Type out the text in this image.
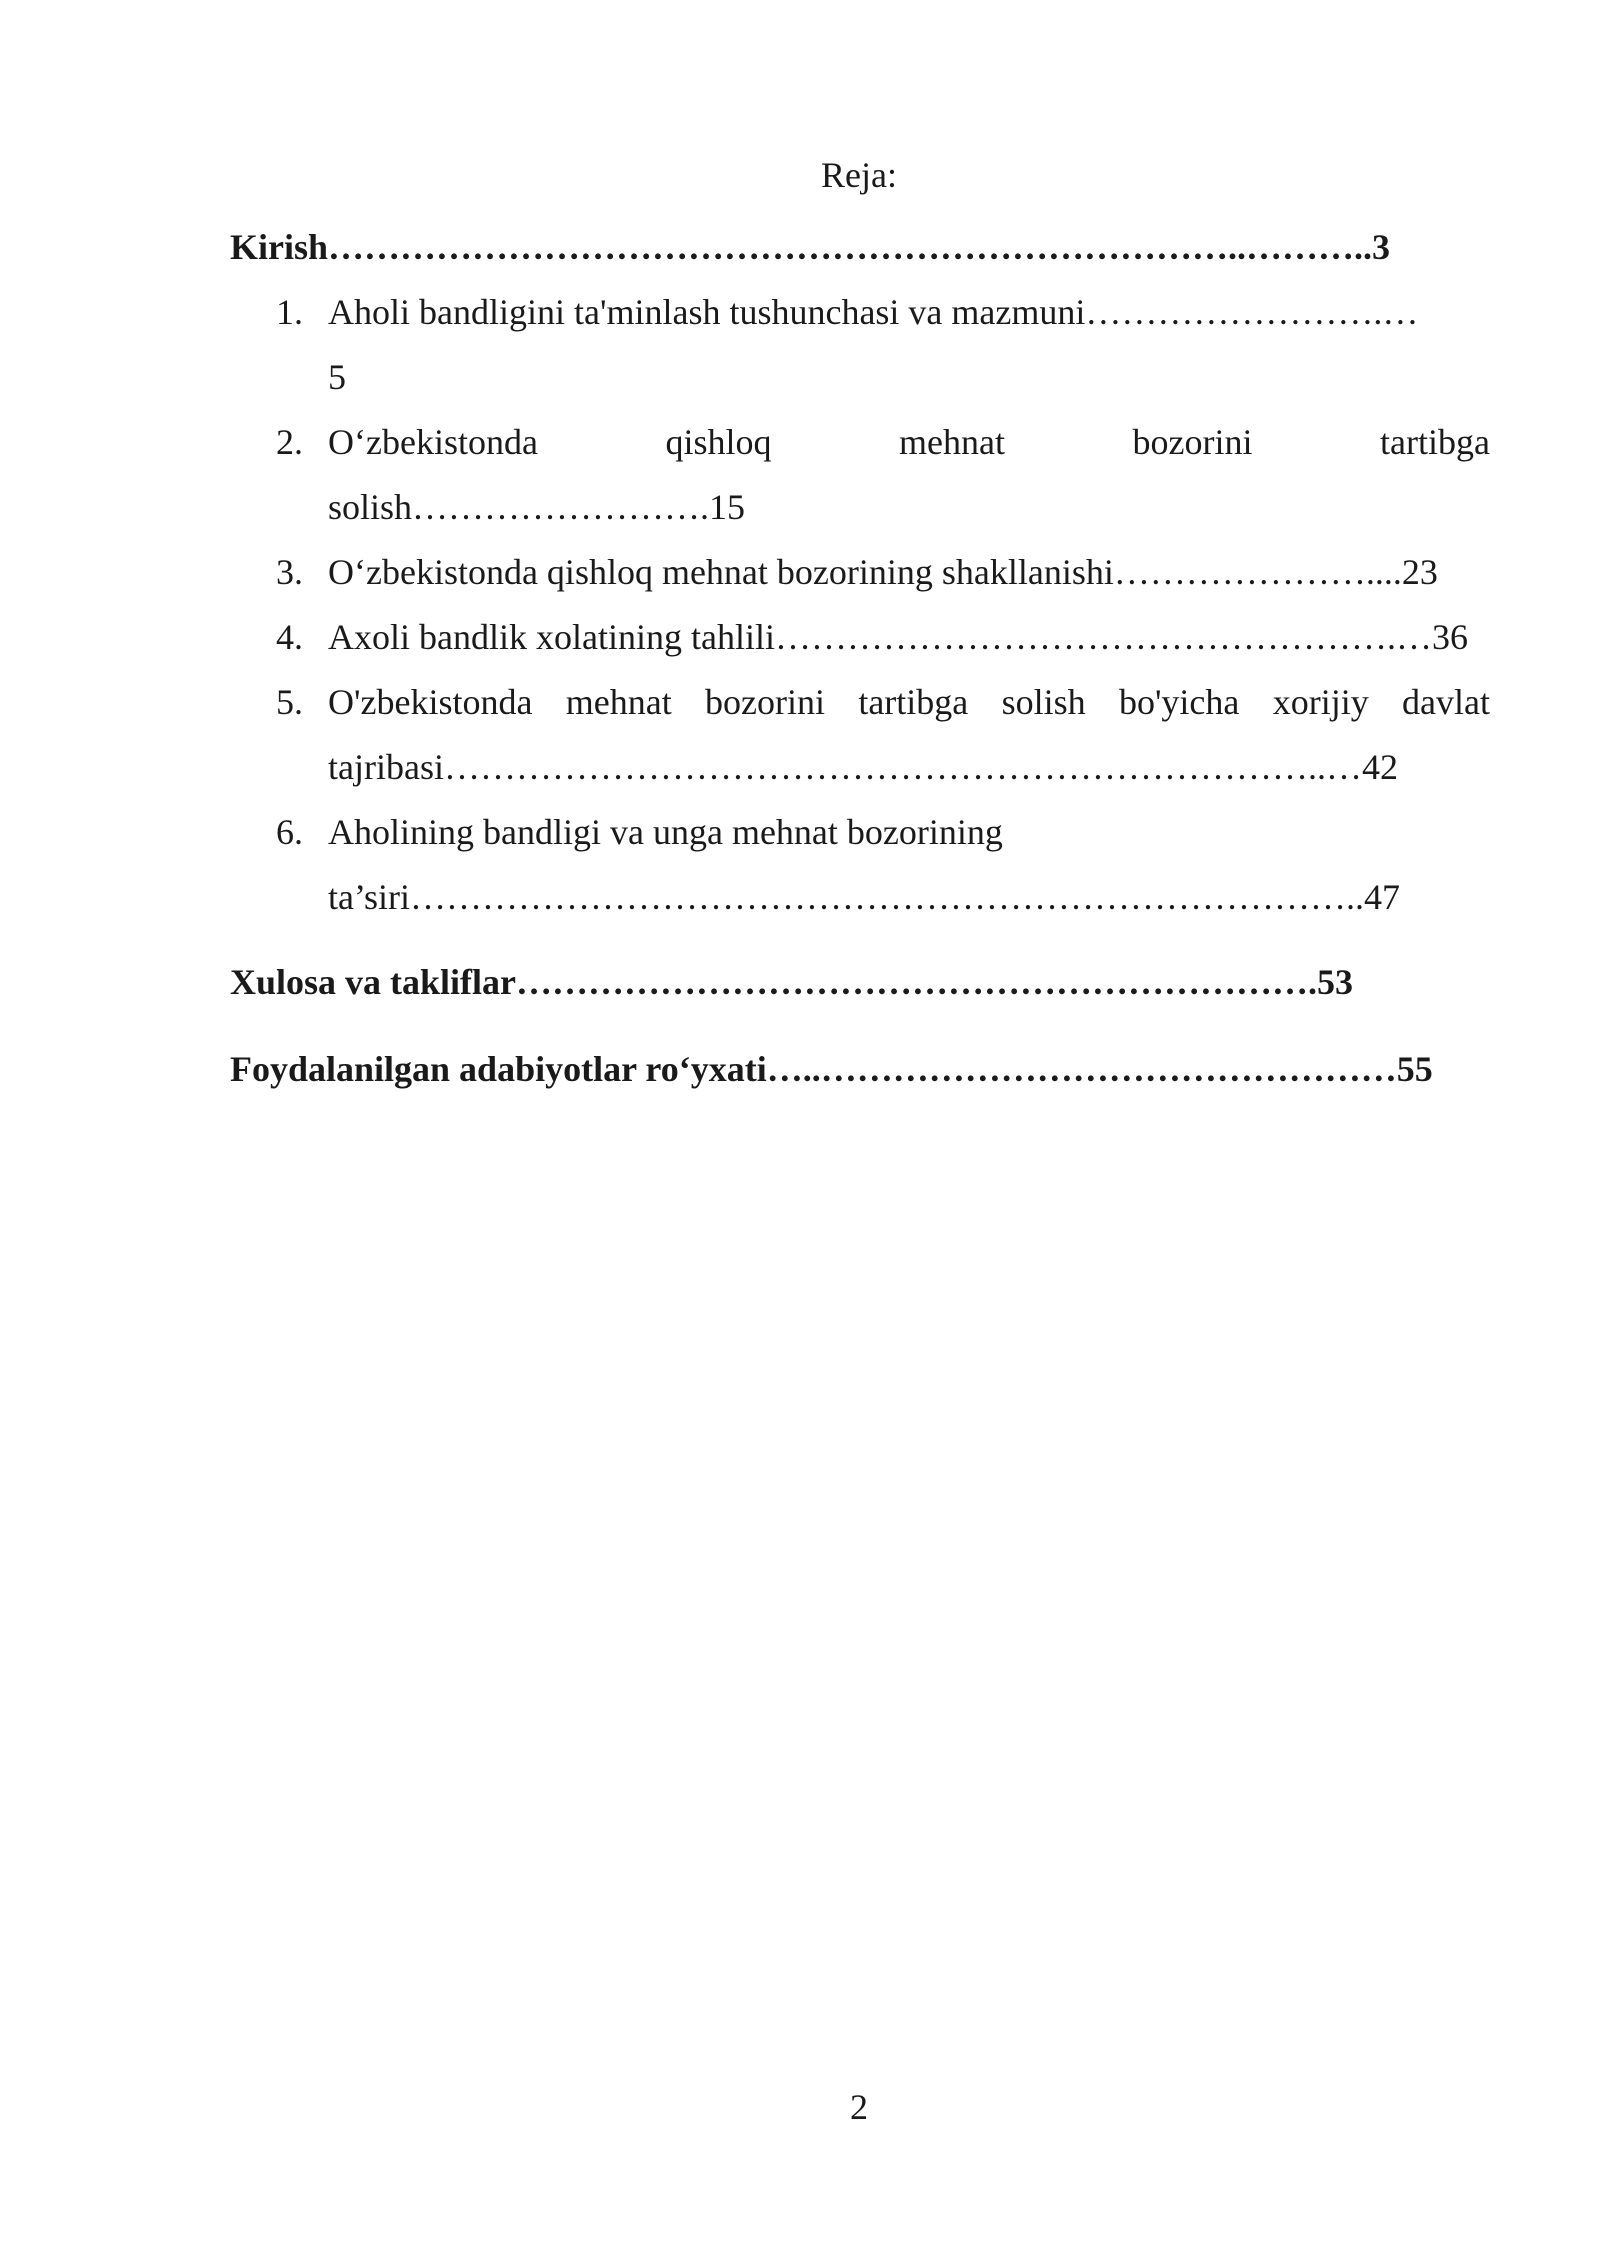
Reja:
Kirish…………………………………………………………………..………..3
1. Aholi bandligini ta'minlash tushunchasi va mazmuni…………………….…
5
2. O‘zbekistonda qishloq mehnat bozorini tartibga
solish…………………….15
3. O‘zbekistonda qishloq mehnat bozorining shakllanishi…………………....23
4. Axoli bandlik xolatining tahlili…………………………………………….…36
5. O'zbekistonda mehnat bozorini tartibga solish bo'yicha xorijiy davlat
tajribasi………………………………………………………………..…42
6. Aholining bandligi va unga mehnat bozorining
ta’siri……………………………………………………………………..47
Xulosa va takliflar………………………………………………………….53
Foydalanilgan adabiyotlar ro‘yxati…..…………………………………………55
2
